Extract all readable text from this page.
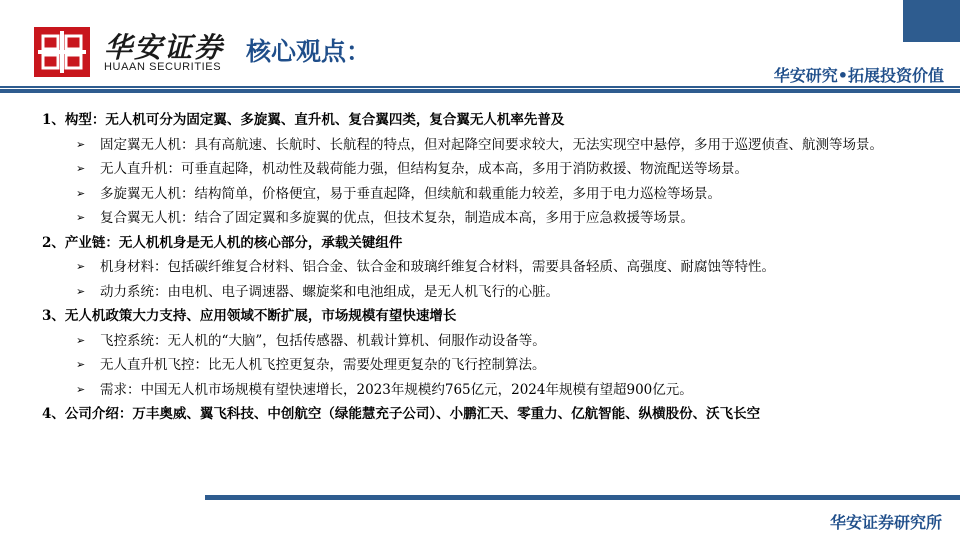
华安证券
HUAAN SECURITIES
核心观点：
华安研究•拓展投资价值
1、构型：无人机可分为固定翼、多旋翼、直升机、复合翼四类，复合翼无人机率先普及
➢	固定翼无人机：具有高航速、长航时、长航程的特点，但对起降空间要求较大，无法实现空中悬停，多用于巡逻侦查、航测等场景。
➢	无人直升机：可垂直起降，机动性及载荷能力强，但结构复杂，成本高，多用于消防救援、物流配送等场景。
➢	多旋翼无人机：结构简单，价格便宜，易于垂直起降，但续航和载重能力较差，多用于电力巡检等场景。
➢	复合翼无人机：结合了固定翼和多旋翼的优点，但技术复杂，制造成本高，多用于应急救援等场景。
2、产业链：无人机机身是无人机的核心部分，承载关键组件
➢	机身材料：包括碳纤维复合材料、铝合金、钛合金和玻璃纤维复合材料，需要具备轻质、高强度、耐腐蚀等特性。
➢	动力系统：由电机、电子调速器、螺旋桨和电池组成，是无人机飞行的心脏。
3、无人机政策大力支持、应用领域不断扩展，市场规模有望快速增长
➢	飞控系统：无人机的“大脑”，包括传感器、机载计算机、伺服作动设备等。
➢	无人直升机飞控：比无人机飞控更复杂，需要处理更复杂的飞行控制算法。
➢	需求：中国无人机市场规模有望快速增长，2023年规模约765亿元，2024年规模有望超900亿元。
4、公司介绍：万丰奥威、翼飞科技、中创航空（绿能慧充子公司）、小鹏汇天、零重力、亿航智能、纵横股份、沃飞长空
华安证券研究所
